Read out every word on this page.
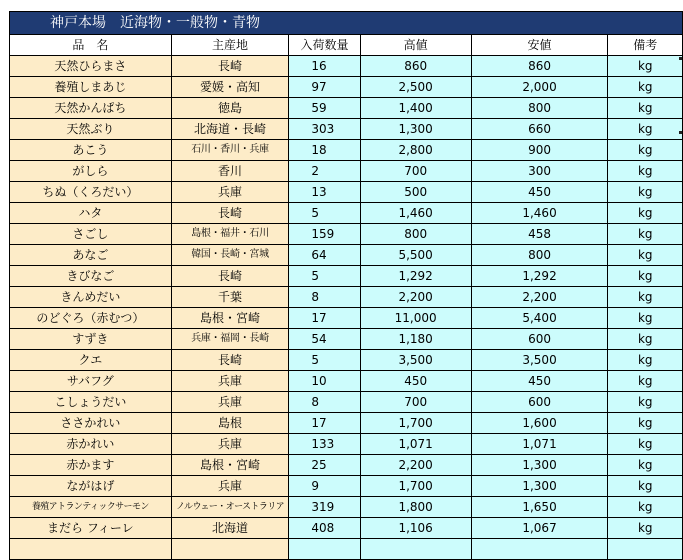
神戸本場　近海物・一般物・青物					
品　名	主産地	入荷数量	高値	安値	備考
天然ひらまさ	長崎	16	860	860	kg
養殖しまあじ	愛媛・高知	97	2,500	2,000	kg
天然かんぱち	徳島	59	1,400	800	kg
天然ぶり	北海道・長崎	303	1,300	660	kg
あこう	石川・香川・兵庫	18	2,800	900	kg
がしら	香川	2	700	300	kg
ちぬ（くろだい）	兵庫	13	500	450	kg
ハタ	長崎	5	1,460	1,460	kg
さごし	島根・福井・石川	159	800	458	kg
あなご	韓国・長崎・宮城	64	5,500	800	kg
きびなご	長崎	5	1,292	1,292	kg
きんめだい	千葉	8	2,200	2,200	kg
のどぐろ（赤むつ）	島根・宮崎	17	11,000	5,400	kg
すずき	兵庫・福岡・長崎	54	1,180	600	kg
クエ	長崎	5	3,500	3,500	kg
サバフグ	兵庫	10	450	450	kg
こしょうだい	兵庫	8	700	600	kg
ささかれい	島根	17	1,700	1,600	kg
赤かれい	兵庫	133	1,071	1,071	kg
赤かます	島根・宮崎	25	2,200	1,300	kg
ながはげ	兵庫	9	1,700	1,300	kg
養殖アトランティックサーモン	ノルウェー・オーストラリア	319	1,800	1,650	kg
まだら フィーレ	北海道	408	1,106	1,067	kg
